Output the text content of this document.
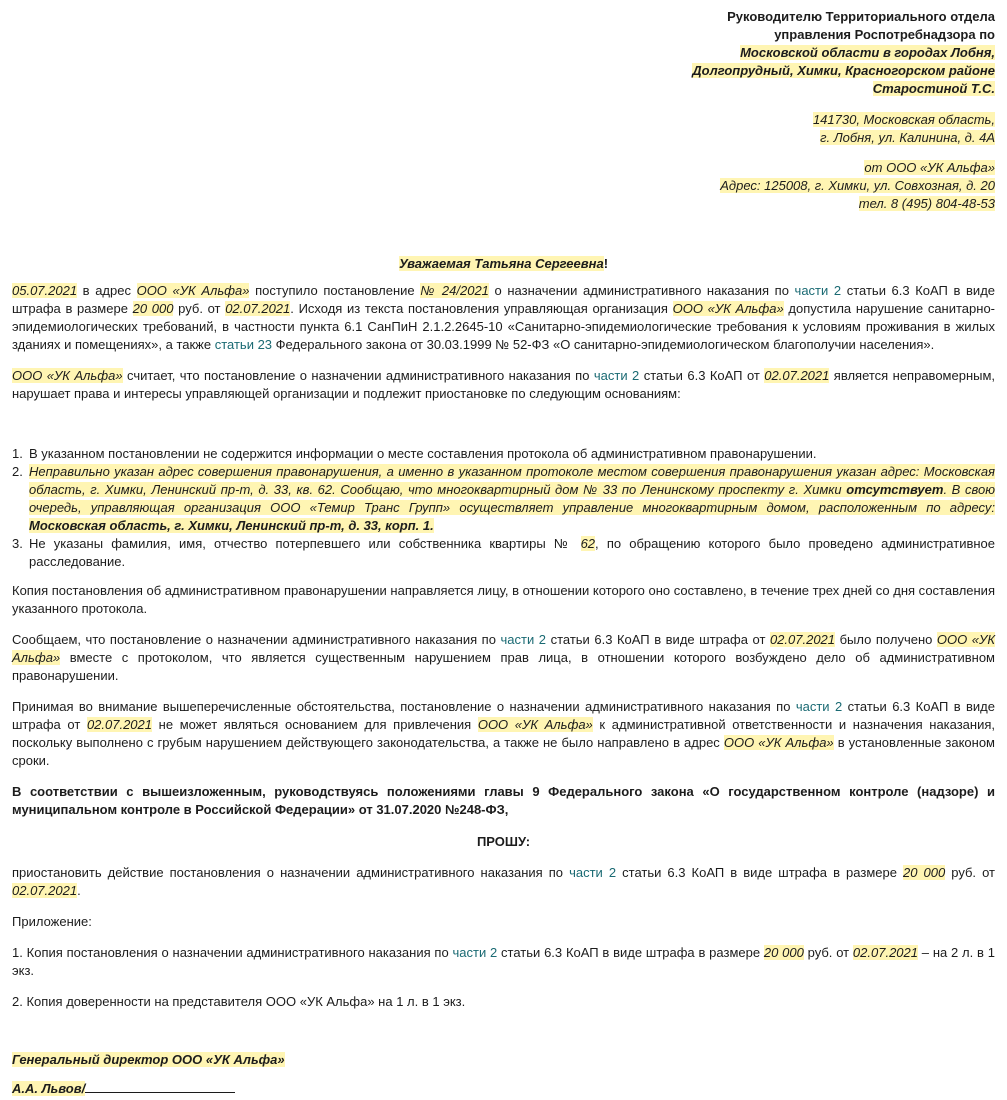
Руководителю Территориального отдела
управления Роспотребнадзора по
Московской области в городах Лобня,
Долгопрудный, Химки, Красногорском районе
Старостиной Т.С.
141730, Московская область,
г. Лобня, ул. Калинина, д. 4А
от ООО «УК Альфа»
Адрес: 125008, г. Химки, ул. Совхозная, д. 20
тел. 8 (495) 804-48-53
Уважаемая Татьяна Сергеевна!

05.07.2021 в адрес ООО «УК Альфа» поступило постановление № 24/2021 о назначении административного наказания по части 2 статьи 6.3 КоАП в виде штрафа в размере 20 000 руб. от 02.07.2021. Исходя из текста постановления управляющая организация ООО «УК Альфа» допустила нарушение санитарно-эпидемиологических требований, в частности пункта 6.1 СанПиН 2.1.2.2645-10 «Санитарно-эпидемиологические требования к условиям проживания в жилых зданиях и помещениях», а также статьи 23 Федерального закона от 30.03.1999 № 52-ФЗ «О санитарно-эпидемиологическом благополучии населения».

ООО «УК Альфа» считает, что постановление о назначении административного наказания по части 2 статьи 6.3 КоАП от 02.07.2021 является неправомерным, нарушает права и интересы управляющей организации и подлежит приостановке по следующим основаниям:

1. В указанном постановлении не содержится информации о месте составления протокола об административном правонарушении.
2. Неправильно указан адрес совершения правонарушения, а именно в указанном протоколе местом совершения правонарушения указан адрес: Московская область, г. Химки, Ленинский пр-т, д. 33, кв. 62. Сообщаю, что многоквартирный дом № 33 по Ленинскому проспекту г. Химки отсутствует. В свою очередь, управляющая организация ООО «Темир Транс Групп» осуществляет управление многоквартирным домом, расположенным по адресу: Московская область, г. Химки, Ленинский пр-т, д. 33, корп. 1.
3. Не указаны фамилия, имя, отчество потерпевшего или собственника квартиры № 62, по обращению которого было проведено административное расследование.

Копия постановления об административном правонарушении направляется лицу, в отношении которого оно составлено, в течение трех дней со дня составления указанного протокола.

Сообщаем, что постановление о назначении административного наказания по части 2 статьи 6.3 КоАП в виде штрафа от 02.07.2021 было получено ООО «УК Альфа» вместе с протоколом, что является существенным нарушением прав лица, в отношении которого возбуждено дело об административном правонарушении.

Принимая во внимание вышеперечисленные обстоятельства, постановление о назначении административного наказания по части 2 статьи 6.3 КоАП в виде штрафа от 02.07.2021 не может являться основанием для привлечения ООО «УК Альфа» к административной ответственности и назначения наказания, поскольку выполнено с грубым нарушением действующего законодательства, а также не было направлено в адрес ООО «УК Альфа» в установленные законом сроки.

В соответствии с вышеизложенным, руководствуясь положениями главы 9 Федерального закона «О государственном контроле (надзоре) и муниципальном контроле в Российской Федерации» от 31.07.2020 №248-ФЗ,

ПРОШУ:

приостановить действие постановления о назначении административного наказания по части 2 статьи 6.3 КоАП в виде штрафа в размере 20 000 руб. от 02.07.2021.

Приложение:

1. Копия постановления о назначении административного наказания по части 2 статьи 6.3 КоАП в виде штрафа в размере 20 000 руб. от 02.07.2021 – на 2 л. в 1 экз.

2. Копия доверенности на представителя ООО «УК Альфа» на 1 л. в 1 экз.

Генеральный директор ООО «УК Альфа»
А.А. Львов/
